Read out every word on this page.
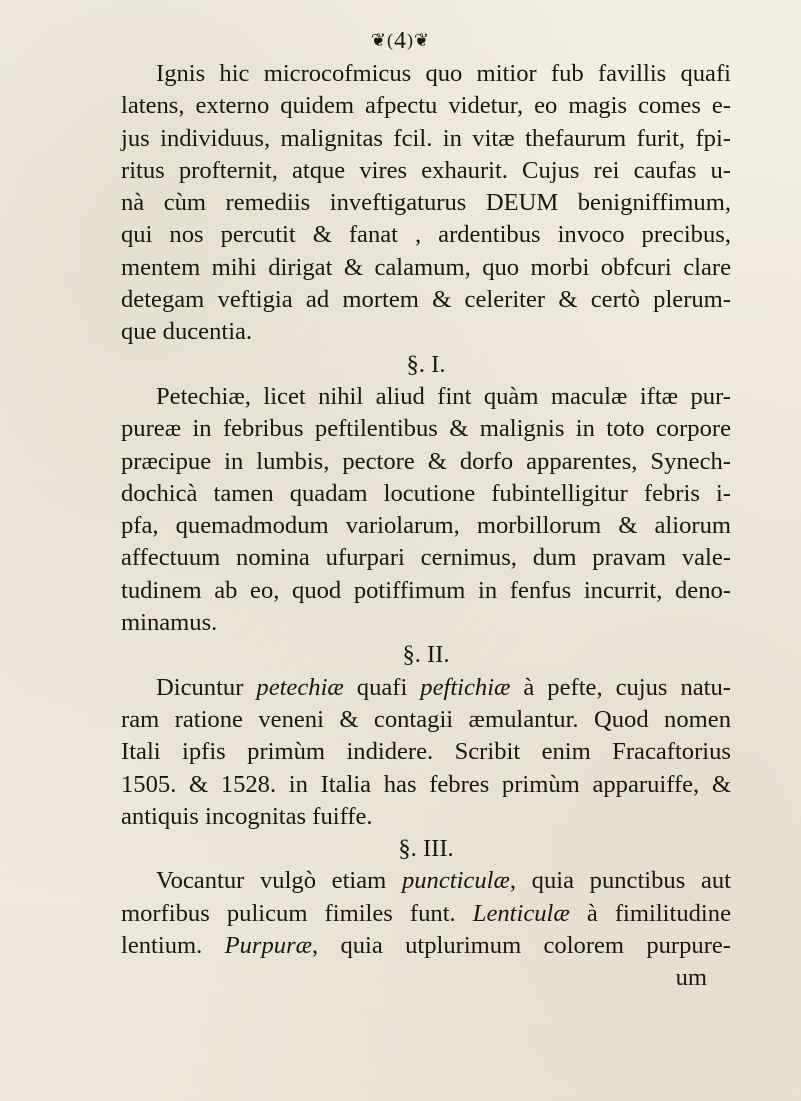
❦(4)❦
Ignis hic microcofmicus quo mitior fub favillis quafi
latens, externo quidem afpectu videtur, eo magis comes e-
jus individuus, malignitas fcil. in vitæ thefaurum furit, fpi-
ritus profternit, atque vires exhaurit. Cujus rei caufas u-
nà cùm remediis inveftigaturus DEUM benigniffimum,
qui nos percutit & fanat , ardentibus invoco precibus,
mentem mihi dirigat & calamum, quo morbi obfcuri clare
detegam veftigia ad mortem & celeriter & certò plerum-
que ducentia.
§. I.
Petechiæ, licet nihil aliud fint quàm maculæ iftæ pur-
pureæ in febribus peftilentibus & malignis in toto corpore
præcipue in lumbis, pectore & dorfo apparentes, Synech-
dochicà tamen quadam locutione fubintelligitur febris i-
pfa, quemadmodum variolarum, morbillorum & aliorum
affectuum nomina ufurpari cernimus, dum pravam vale-
tudinem ab eo, quod potiffimum in fenfus incurrit, deno-
minamus.
§. II.
Dicuntur petechiæ quafi peftichiæ à pefte, cujus natu-
ram ratione veneni & contagii æmulantur. Quod nomen
Itali ipfis primùm indidere. Scribit enim Fracaftorius
1505. & 1528. in Italia has febres primùm apparuiffe, &
antiquis incognitas fuiffe.
§. III.
Vocantur vulgò etiam puncticulæ, quia punctibus aut
morfibus pulicum fimiles funt. Lenticulæ à fimilitudine
lentium. Purpuræ, quia utplurimum colorem purpure-
um
